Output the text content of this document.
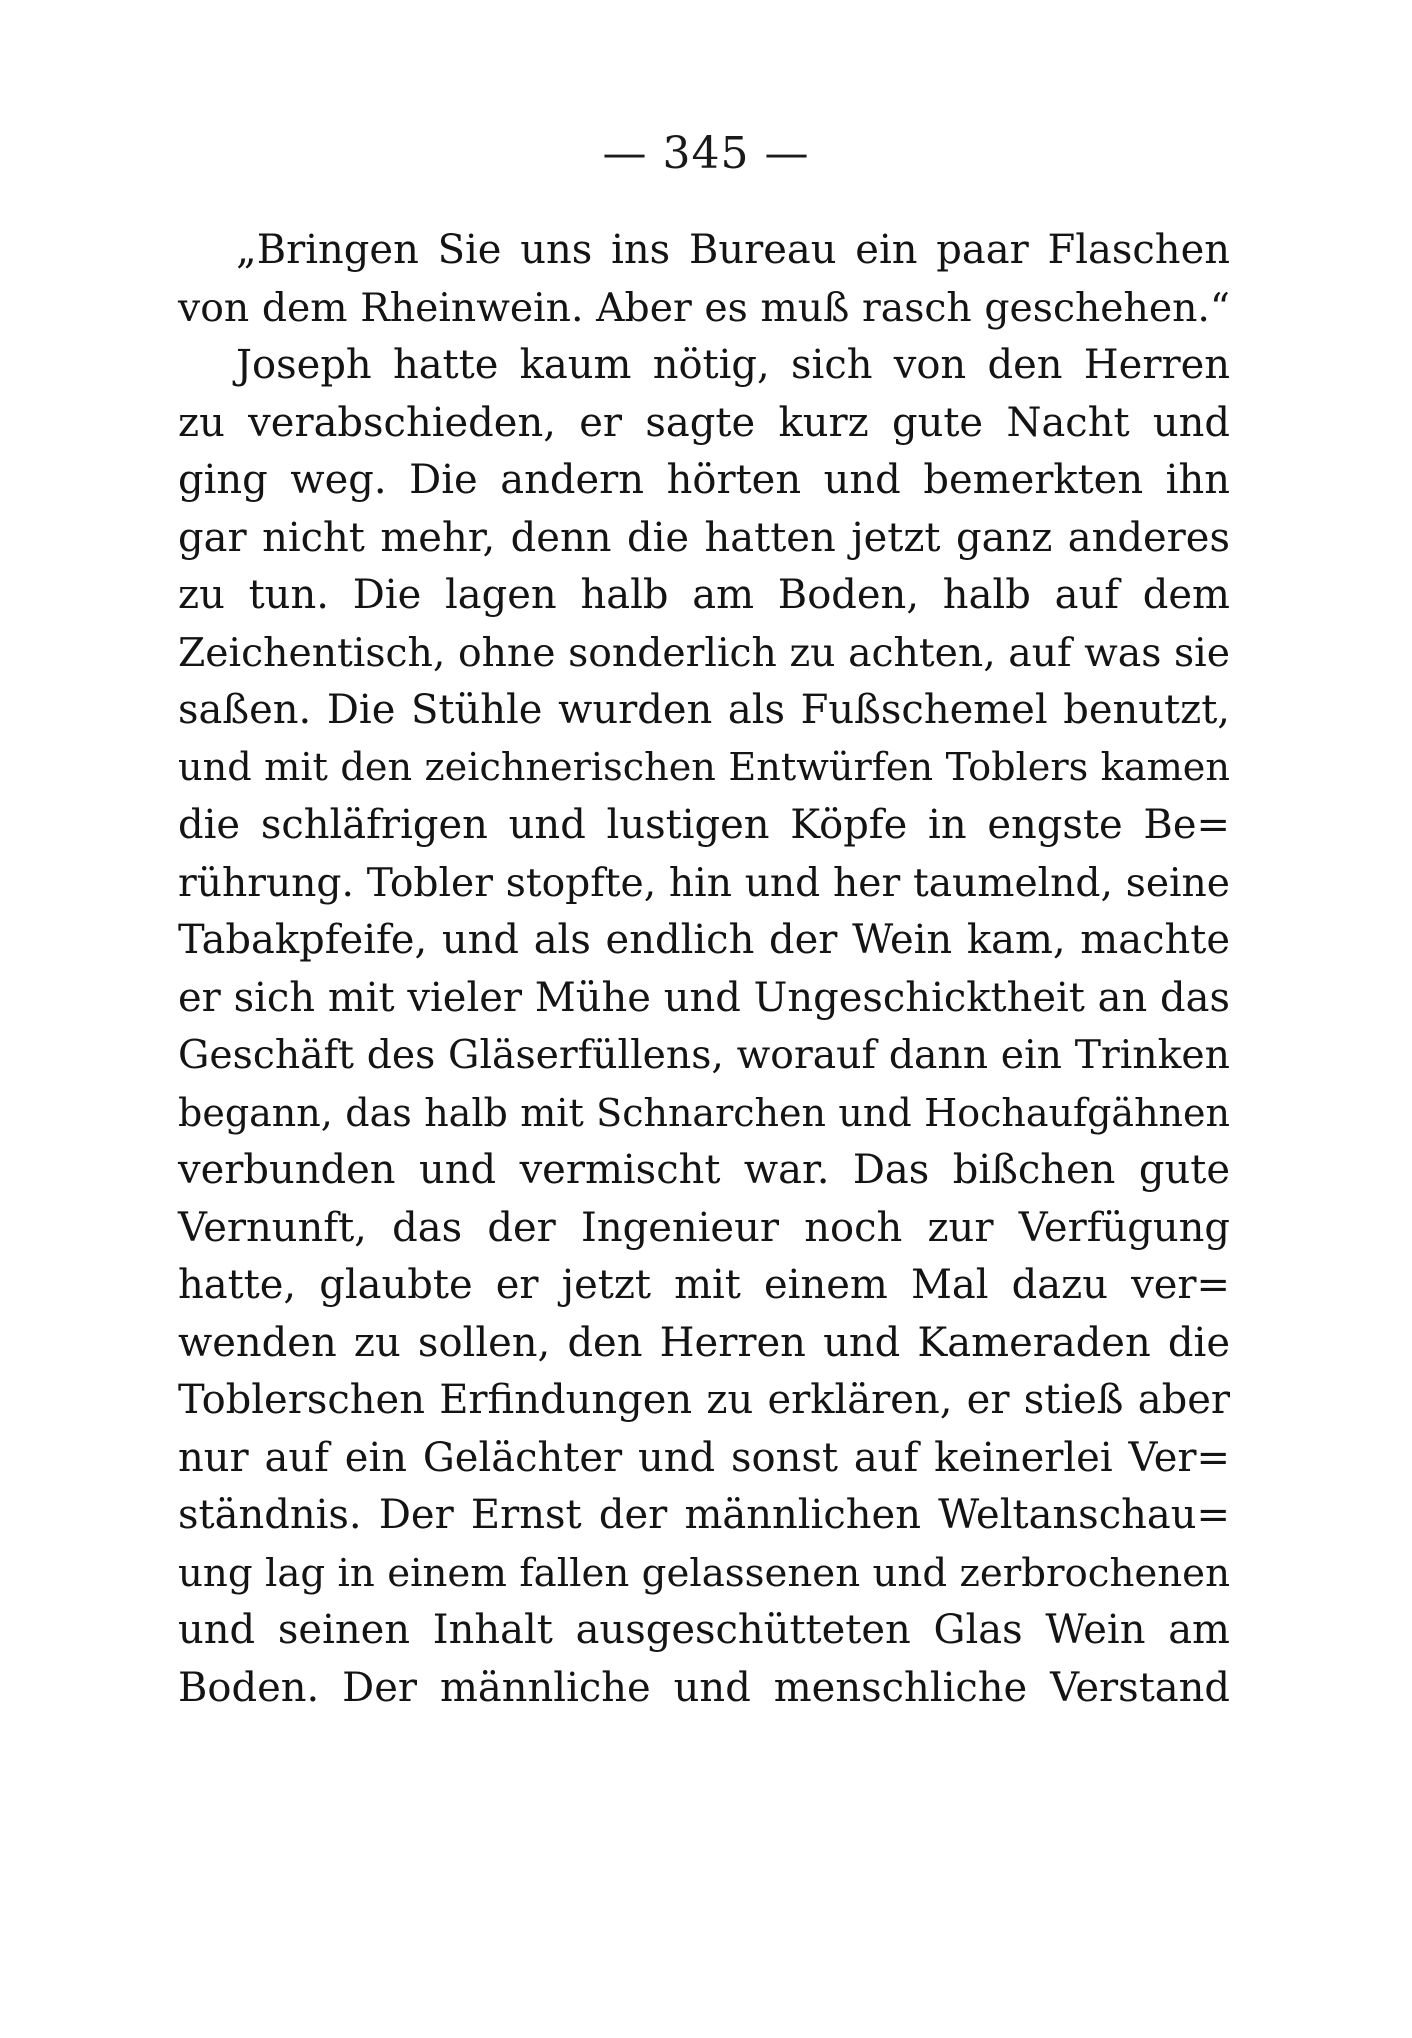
— 345 —
„Bringen Sie uns ins Bureau ein paar Flaschen
von dem Rheinwein. Aber es muß rasch geschehen.“
Joseph hatte kaum nötig, sich von den Herren
zu verabschieden, er sagte kurz gute Nacht und
ging weg. Die andern hörten und bemerkten ihn
gar nicht mehr, denn die hatten jetzt ganz anderes
zu tun. Die lagen halb am Boden, halb auf dem
Zeichentisch, ohne sonderlich zu achten, auf was sie
saßen. Die Stühle wurden als Fußschemel benutzt,
und mit den zeichnerischen Entwürfen Toblers kamen
die schläfrigen und lustigen Köpfe in engste Be=
rührung. Tobler stopfte, hin und her taumelnd, seine
Tabakpfeife, und als endlich der Wein kam, machte
er sich mit vieler Mühe und Ungeschicktheit an das
Geschäft des Gläserfüllens, worauf dann ein Trinken
begann, das halb mit Schnarchen und Hochaufgähnen
verbunden und vermischt war. Das bißchen gute
Vernunft, das der Ingenieur noch zur Verfügung
hatte, glaubte er jetzt mit einem Mal dazu ver=
wenden zu sollen, den Herren und Kameraden die
Toblerschen Erfindungen zu erklären, er stieß aber
nur auf ein Gelächter und sonst auf keinerlei Ver=
ständnis. Der Ernst der männlichen Weltanschau=
ung lag in einem fallen gelassenen und zerbrochenen
und seinen Inhalt ausgeschütteten Glas Wein am
Boden. Der männliche und menschliche Verstand
